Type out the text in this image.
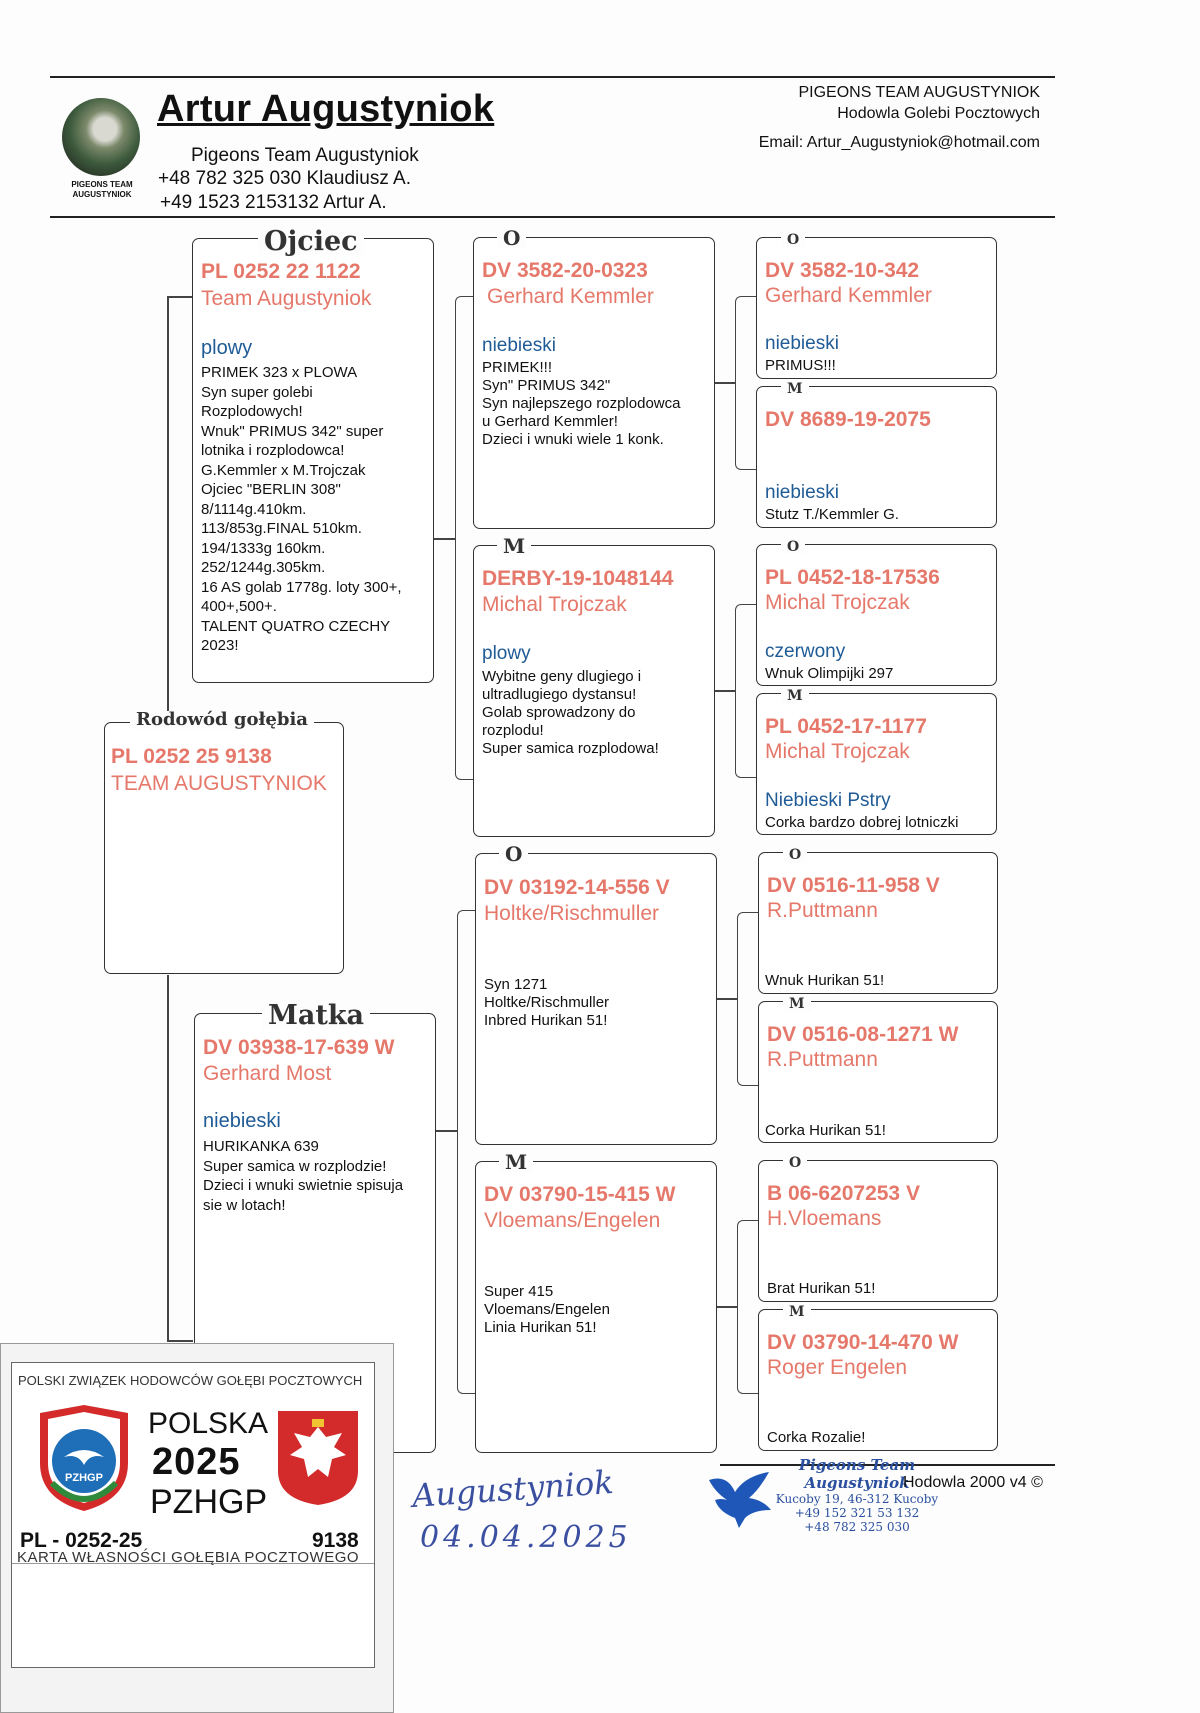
PIGEONS TEAM AUGUSTYNIOK
Artur Augustyniok
Pigeons Team Augustyniok
+48 782 325 030 Klaudiusz A.
+49 1523 2153132 Artur A.
PIGEONS TEAM AUGUSTYNIOK
Hodowla Golebi Pocztowych
Email: Artur_Augustyniok@hotmail.com
PL 0252 22 1122
Team Augustyniok
plowy
PRIMEK 323 x PLOWA
Syn super golebi
Rozplodowych!
Wnuk" PRIMUS 342" super
lotnika i rozplodowca!
G.Kemmler x M.Trojczak
Ojciec "BERLIN 308"
8/1114g.410km.
113/853g.FINAL 510km.
194/1333g 160km.
252/1244g.305km.
16 AS golab 1778g. loty 300+,
400+,500+.
TALENT QUATRO CZECHY
2023!
Ojciec
PL 0252 25 9138
TEAM AUGUSTYNIOK
Rodowód gołębia
DV 03938-17-639 W
Gerhard Most
niebieski
HURIKANKA 639
Super samica w rozplodzie!
Dzieci i wnuki swietnie spisuja
sie w lotach!
Matka
DV 3582-20-0323
Gerhard Kemmler
niebieski
PRIMEK!!!
Syn" PRIMUS 342"
Syn najlepszego rozplodowca
u Gerhard Kemmler!
Dzieci i wnuki wiele 1 konk.
O
DERBY-19-1048144
Michal Trojczak
plowy
Wybitne geny dlugiego i
ultradlugiego dystansu!
Golab sprowadzony do
rozplodu!
Super samica rozplodowa!
M
DV 03192-14-556 V
Holtke/Rischmuller
Syn 1271
Holtke/Rischmuller
Inbred Hurikan 51!
O
DV 03790-15-415 W
Vloemans/Engelen
Super 415
Vloemans/Engelen
Linia Hurikan 51!
M
DV 3582-10-342
Gerhard Kemmler
niebieski
PRIMUS!!!
O
DV 8689-19-2075
niebieski
Stutz T./Kemmler G.
M
PL 0452-18-17536
Michal Trojczak
czerwony
Wnuk Olimpijki 297
O
PL 0452-17-1177
Michal Trojczak
Niebieski Pstry
Corka bardzo dobrej lotniczki
M
DV 0516-11-958 V
R.Puttmann
Wnuk Hurikan 51!
O
DV 0516-08-1271 W
R.Puttmann
Corka Hurikan 51!
M
B 06-6207253 V
H.Vloemans
Brat Hurikan 51!
O
DV 03790-14-470 W
Roger Engelen
Corka Rozalie!
M
POLSKI ZWIĄZEK HODOWCÓW GOŁĘBI POCZTOWYCH
PZHGP
POLSKA
2025
PZHGP
PL - 0252-25	9138
KARTA WŁASNOŚCI GOŁĘBIA POCZTOWEGO
Augustyniok
04.04.2025
Pigeons Team
Augustyniok
Kucoby 19, 46-312 Kucoby
+49 152 321 53 132
+48 782 325 030
Hodowla 2000 v4 ©
